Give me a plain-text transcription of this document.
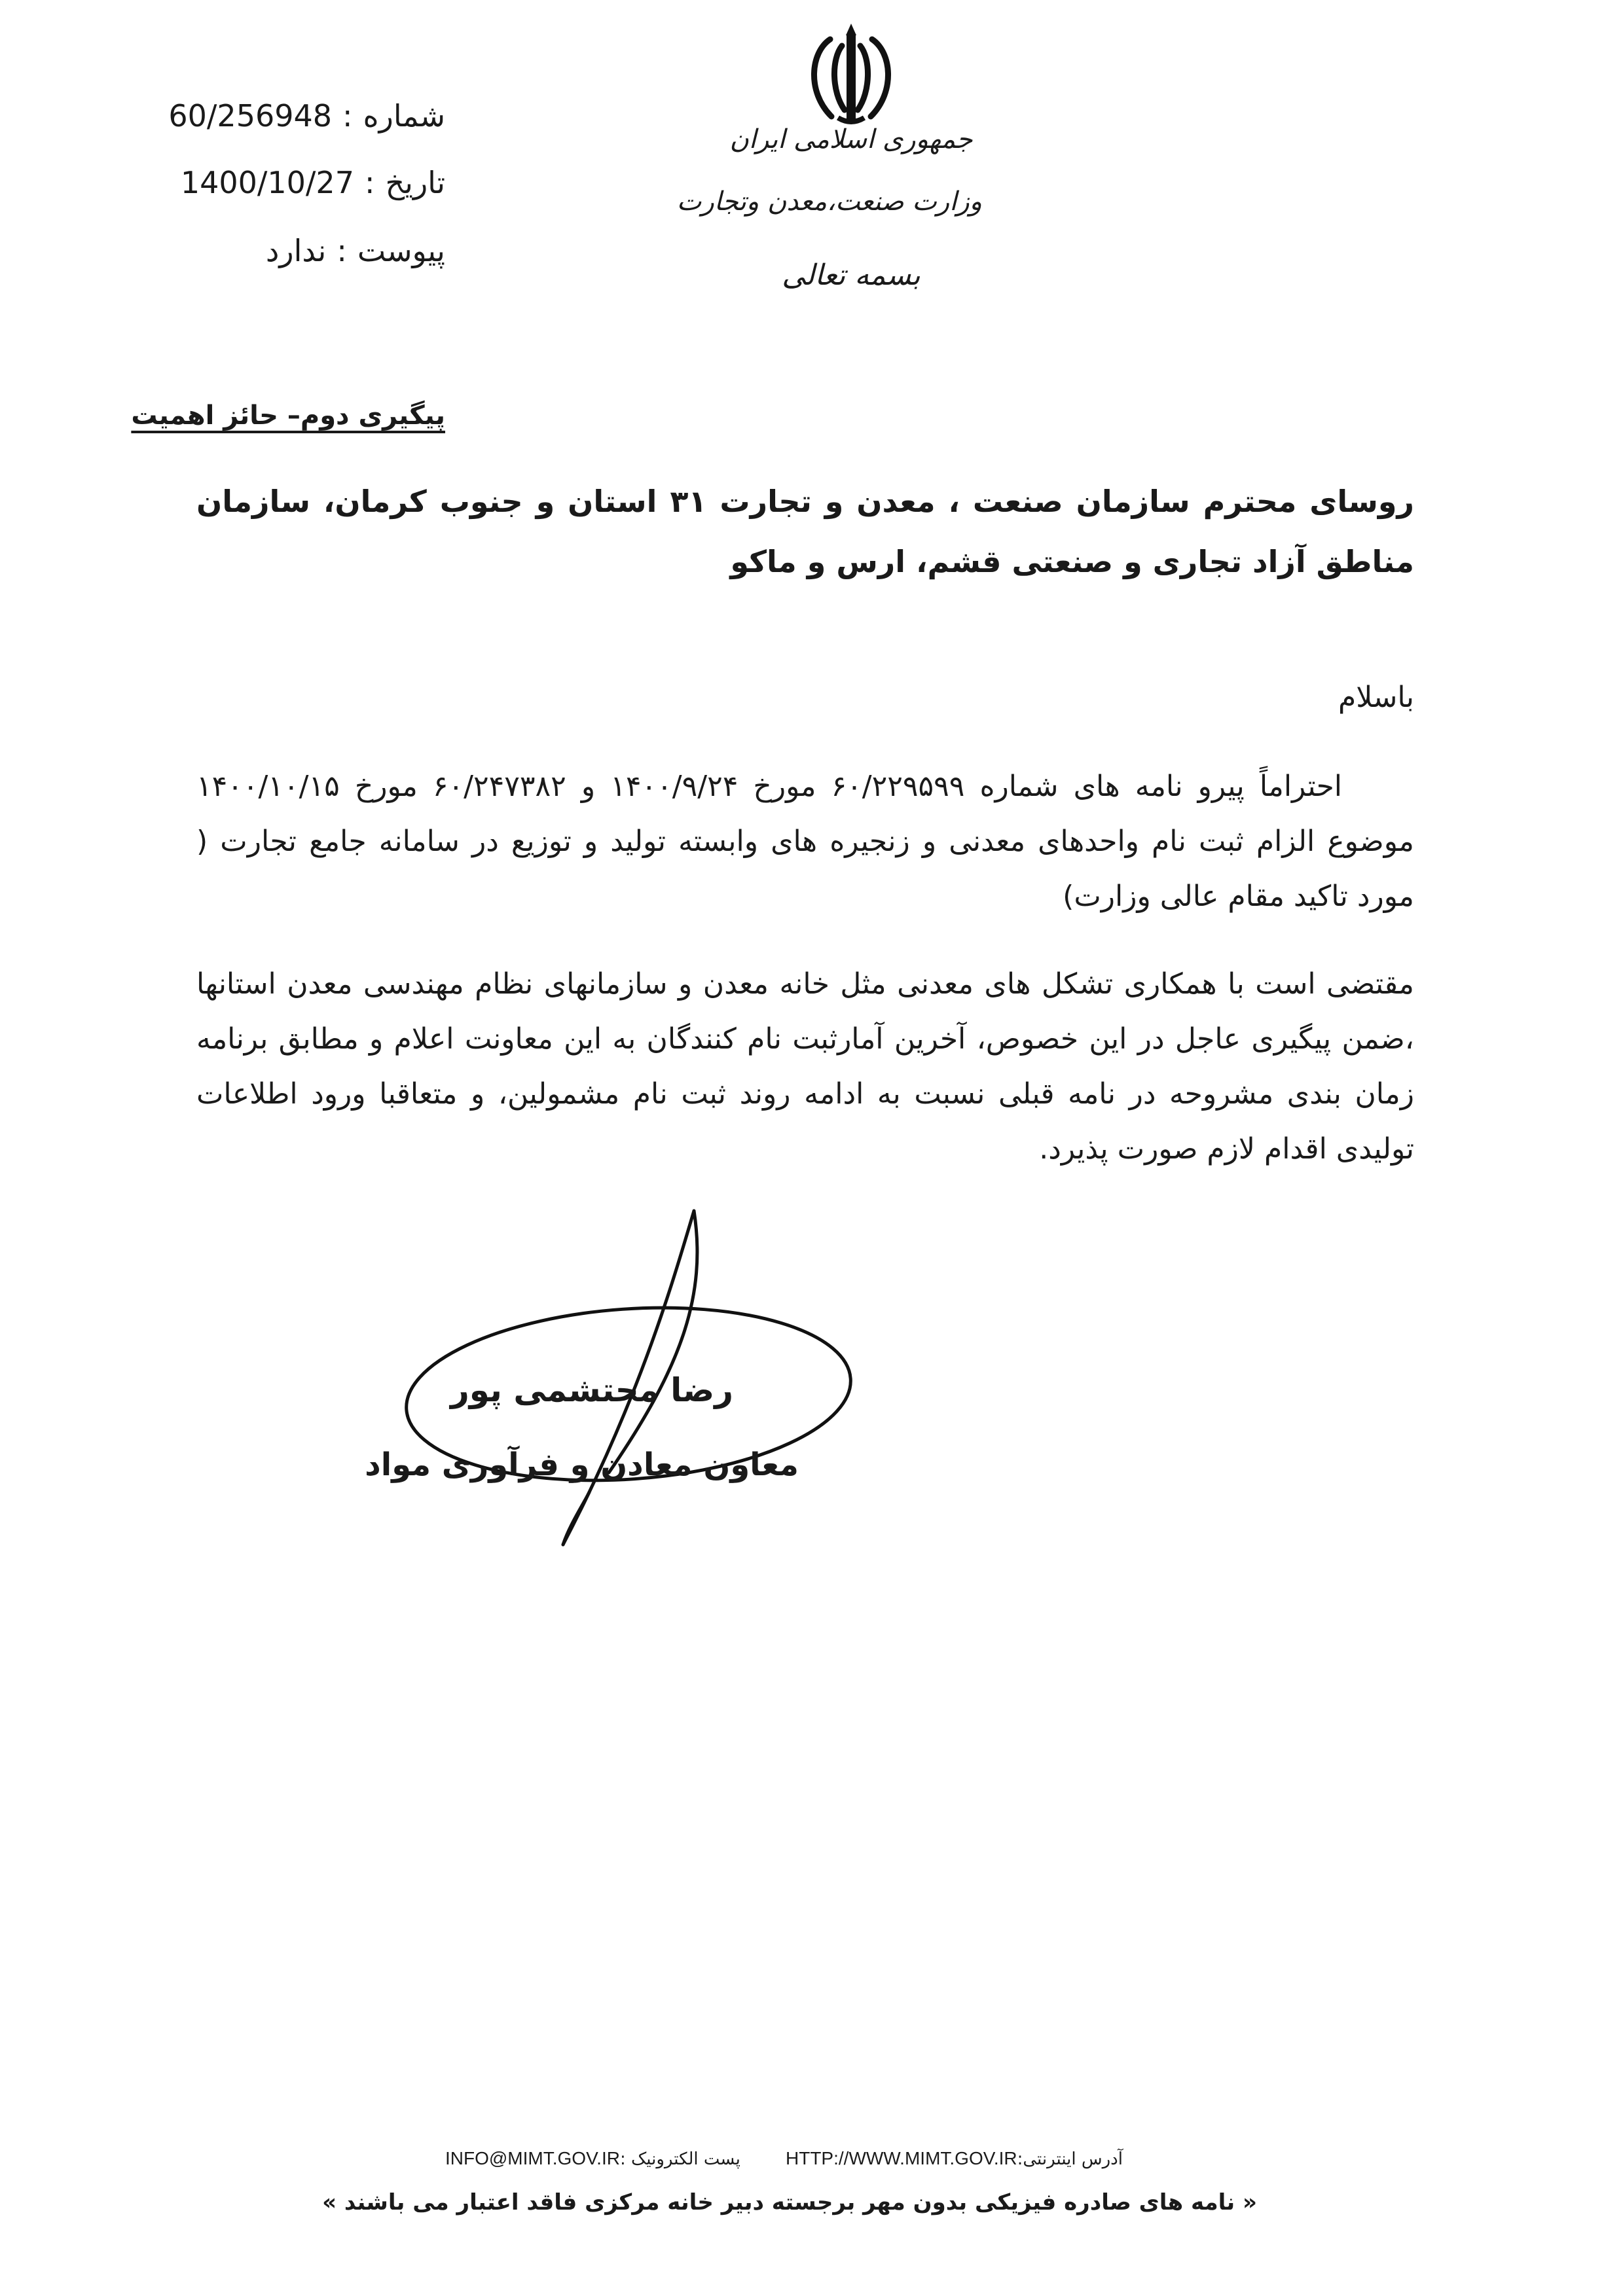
شماره:60/256948
تاریخ:1400/10/27
پیوست:ندارد
جمهوری اسلامی ایران
وزارت صنعت،معدن وتجارت
بسمه تعالی
پیگیری دوم– حائز اهمیت
روسای محترم سازمان صنعت ، معدن و تجارت ۳۱ استان و جنوب کرمان، سازمان مناطق آزاد تجاری و صنعتی قشم، ارس و ماکو
باسلام
احتراماً پیرو نامه های شماره ۶۰/۲۲۹۵۹۹ مورخ ۱۴۰۰/۹/۲۴ و ۶۰/۲۴۷۳۸۲ مورخ ۱۴۰۰/۱۰/۱۵ موضوع الزام ثبت نام واحدهای معدنی و زنجیره های وابسته تولید و توزیع در سامانه جامع تجارت ( مورد تاکید مقام عالی وزارت)
مقتضی است با همکاری تشکل های معدنی مثل خانه معدن و سازمانهای نظام مهندسی معدن استانها ،ضمن پیگیری عاجل در این خصوص، آخرین آمارثبت نام کنندگان به این معاونت اعلام و مطابق برنامه زمان بندی مشروحه در نامه قبلی نسبت به ادامه روند ثبت نام مشمولین، و متعاقبا ورود اطلاعات تولیدی اقدام لازم صورت پذیرد.
رضا محتشمی پور
معاون معادن و فرآوری مواد
آدرس اینترنتی:HTTP://WWW.MIMT.GOV.IR
پست الکترونیک :INFO@MIMT.GOV.IR
« نامه های صادره فیزیکی بدون مهر برجسته دبیر خانه مرکزی فاقد اعتبار می باشند »
